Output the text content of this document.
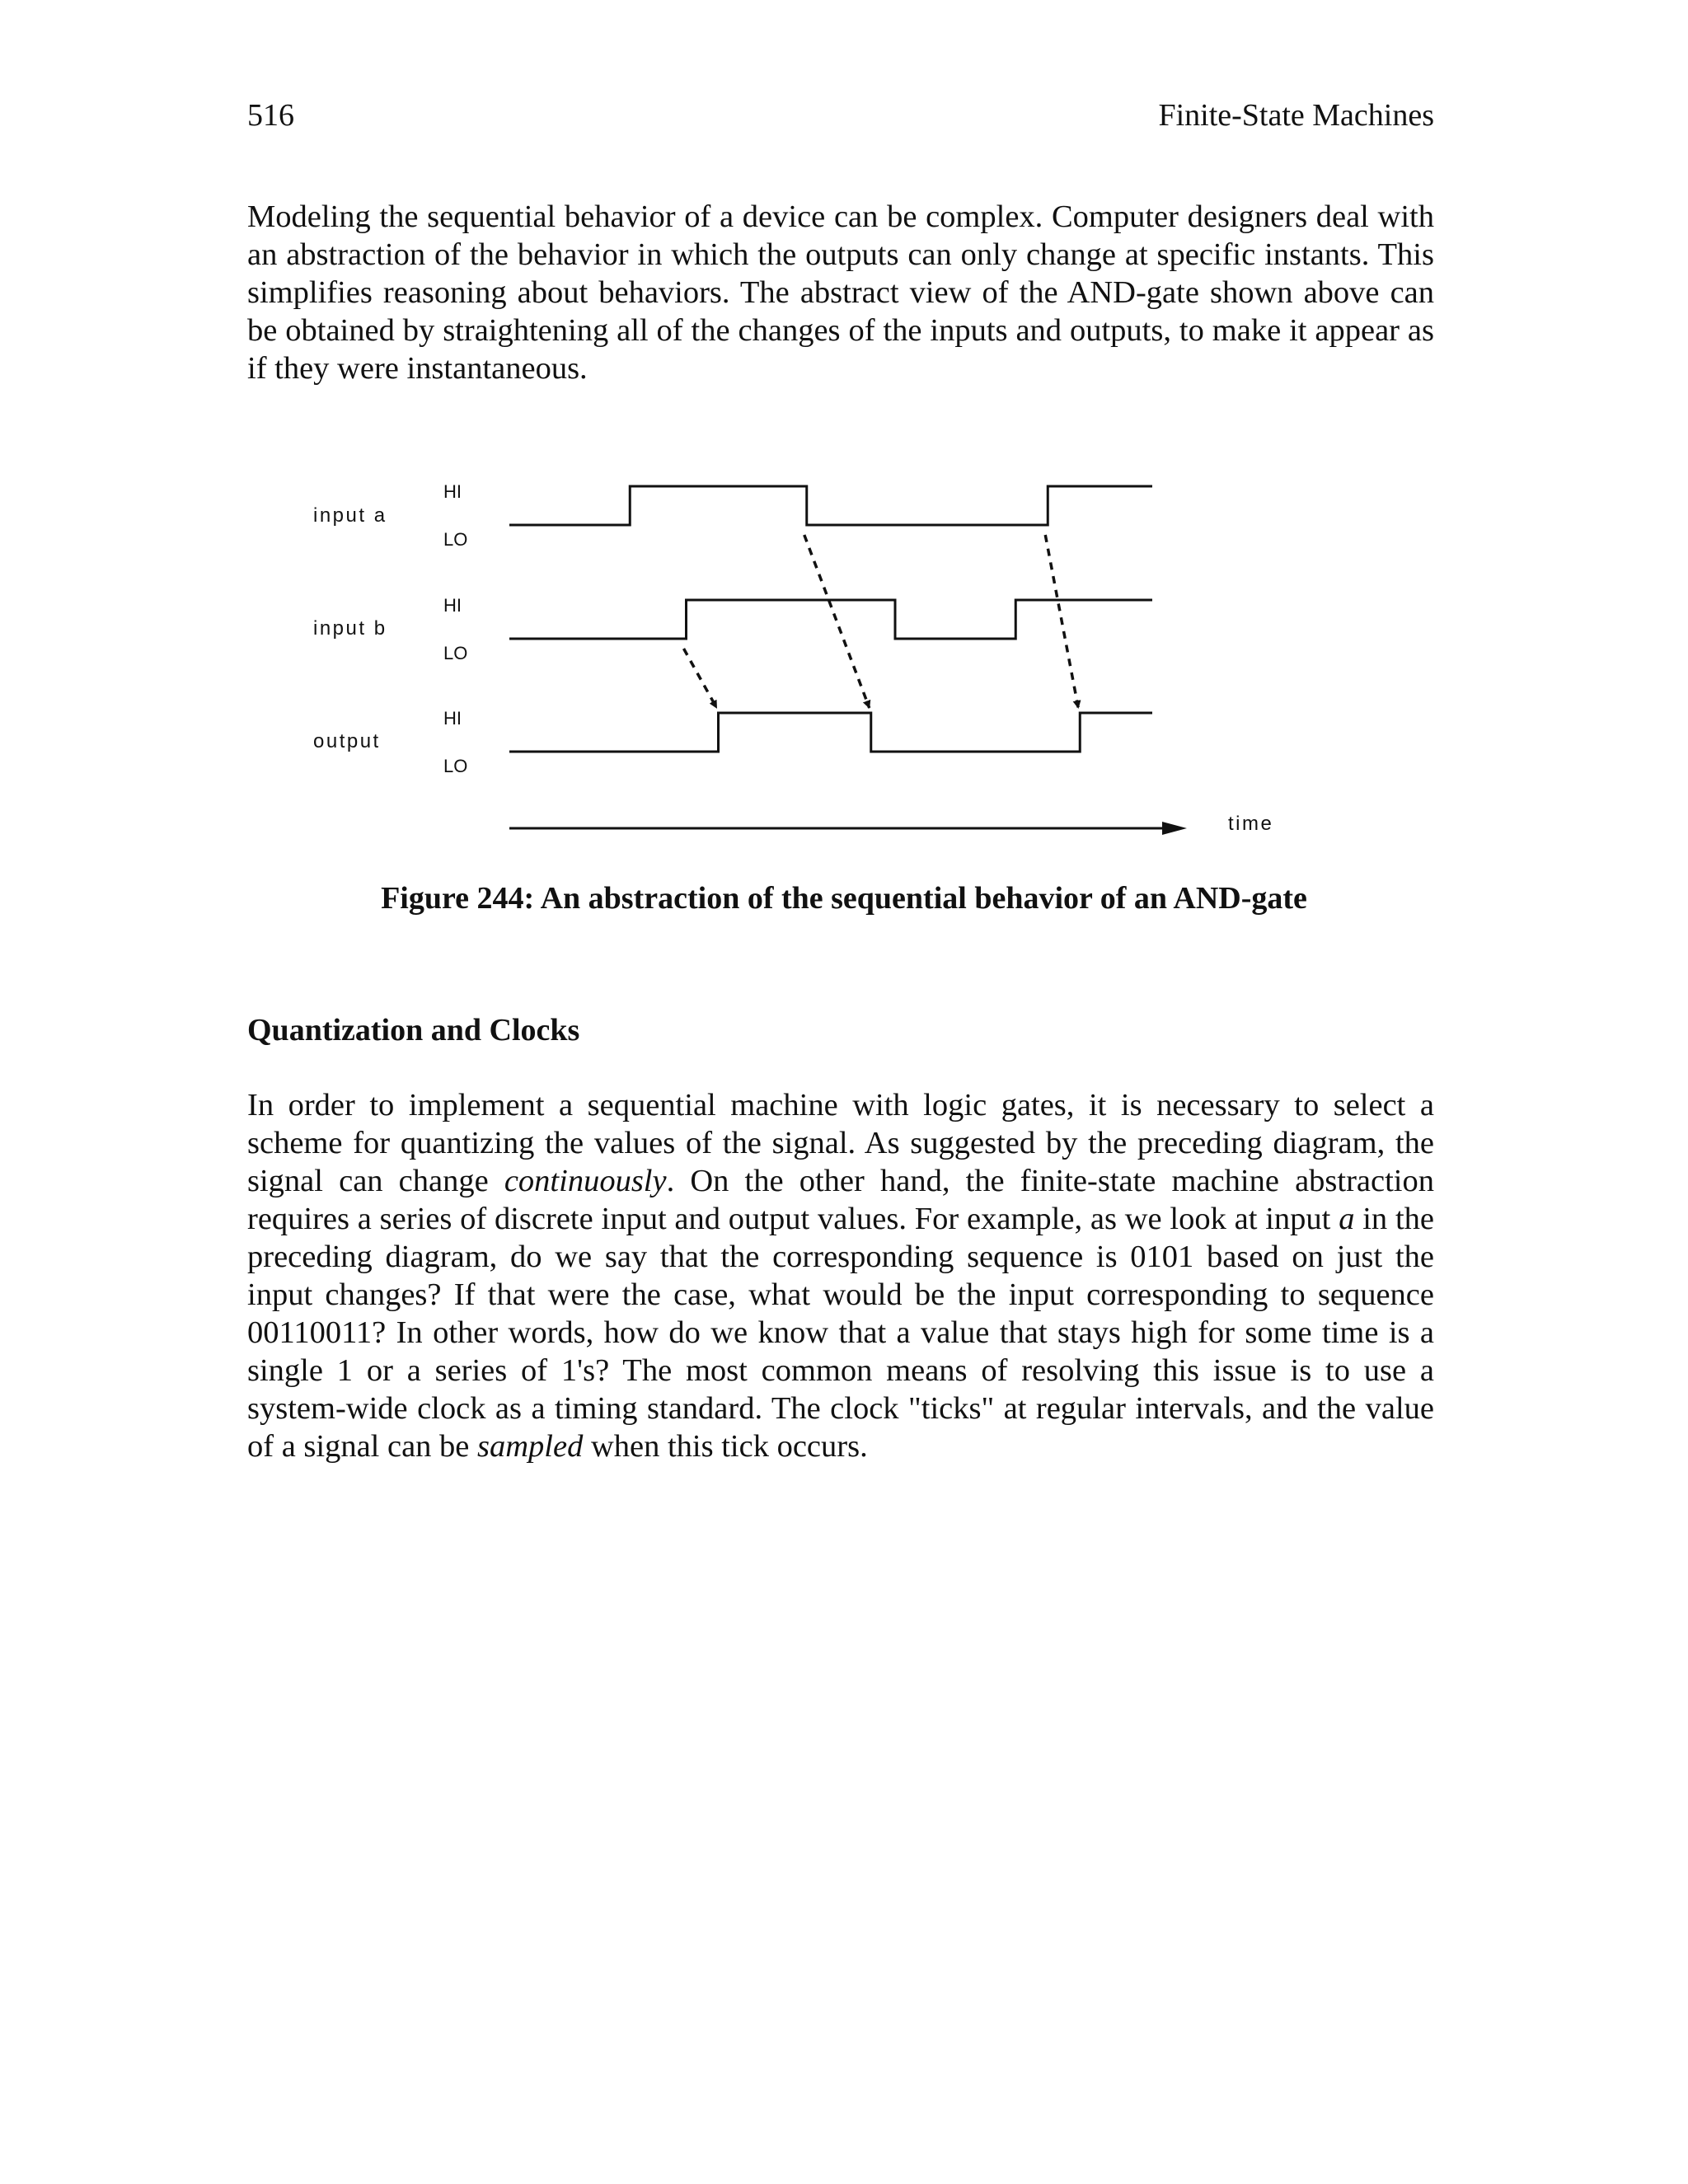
516	Finite-State Machines

Modeling the sequential behavior of a device can be complex. Computer designers deal with an abstraction of the behavior in which the outputs can only change at specific instants. This simplifies reasoning about behaviors. The abstract view of the AND-gate shown above can be obtained by straightening all of the changes of the inputs and outputs, to make it appear as if they were instantaneous.

input a
input b
output
HI
LO
HI
LO
HI
LO
time
Figure 244: An abstraction of the sequential behavior of an AND-gate
Quantization and Clocks

In order to implement a sequential machine with logic gates, it is necessary to select a scheme for quantizing the values of the signal. As suggested by the preceding diagram, the signal can change continuously. On the other hand, the finite-state machine abstraction requires a series of discrete input and output values. For example, as we look at input a in the preceding diagram, do we say that the corresponding sequence is 0101 based on just the input changes? If that were the case, what would be the input corresponding to sequence 00110011? In other words, how do we know that a value that stays high for some time is a single 1 or a series of 1's? The most common means of resolving this issue is to use a system-wide clock as a timing standard. The clock "ticks" at regular intervals, and the value of a signal can be sampled when this tick occurs.
